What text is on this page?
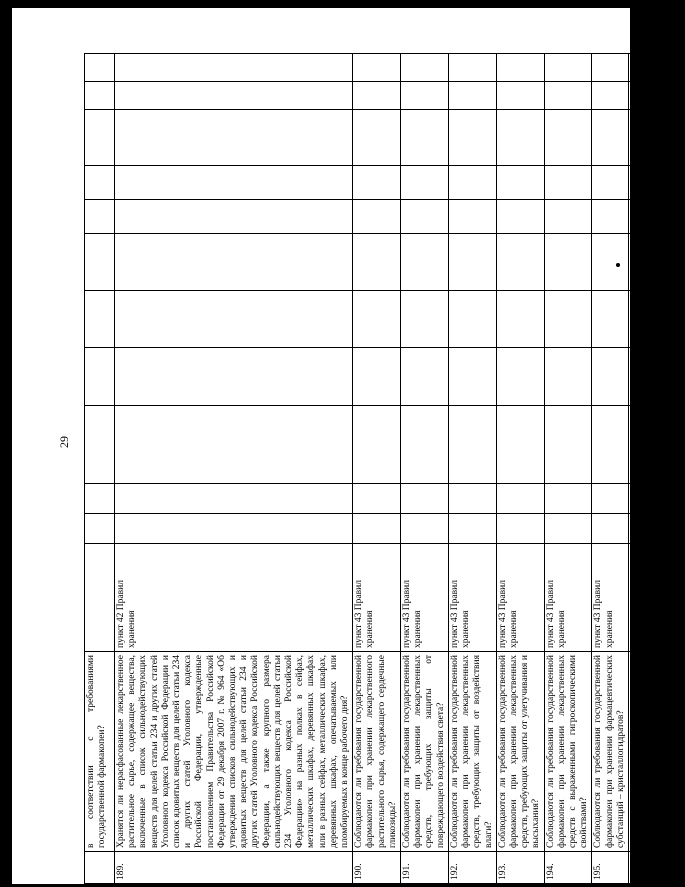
29
	в соответствии с требованиями государственной фармакопеи?												
189.	Хранятся ли нерасфасованные лекарственное растительное сырье, содержащее вещества, включенные в список сильнодействующих веществ для целей статьи 234 и других статей Уголовного кодекса Российской Федерации и список ядовитых веществ для целей статьи 234 и других статей Уголовного кодекса Российской Федерации, утвержденные постановлением Правительства Российской Федерации от 29 декабря 2007 г. № 964 «Об утверждении списков сильнодействующих и ядовитых веществ для целей статьи 234 и других статей Уголовного кодекса Российской Федерации, а также крупного размера сильнодействующих веществ для целей статьи 234 Уголовного кодекса Российской Федерации» на разных полках в сейфах, металлических шкафах, деревянных шкафах или в разных сейфах, металлических шкафах, деревянных шкафах, опечатываемых или пломбируемых в конце рабочего дня?	пункт 42 Правил хранения											
190.	Соблюдаются ли требования государственной фармакопеи при хранении лекарственного растительного сырья, содержащего сердечные гликозиды?	пункт 43 Правил хранения											
191.	Соблюдаются ли требования государственной фармакопеи при хранении лекарственных средств, требующих защиты от повреждающего воздействия света?	пункт 43 Правил хранения											
192.	Соблюдаются ли требования государственной фармакопеи при хранении лекарственных средств, требующих защиты от воздействия влаги?	пункт 43 Правил хранения											
193.	Соблюдаются ли требования государственной фармакопеи при хранении лекарственных средств, требующих защиты от улетучивания и высыхания?	пункт 43 Правил хранения											
194.	Соблюдаются ли требования государственной фармакопеи при хранении лекарственных средств с выраженными гигроскопическими свойствами?	пункт 43 Правил хранения											
195.	Соблюдаются ли требования государственной фармакопеи при хранении фармацевтических субстанций – кристаллогидратов?	пункт 43 Правил хранения											
196.	Соблюдаются ли требования государственной фармакопеи при хранении фармацевтических	пункт 43 Правил хранения											
